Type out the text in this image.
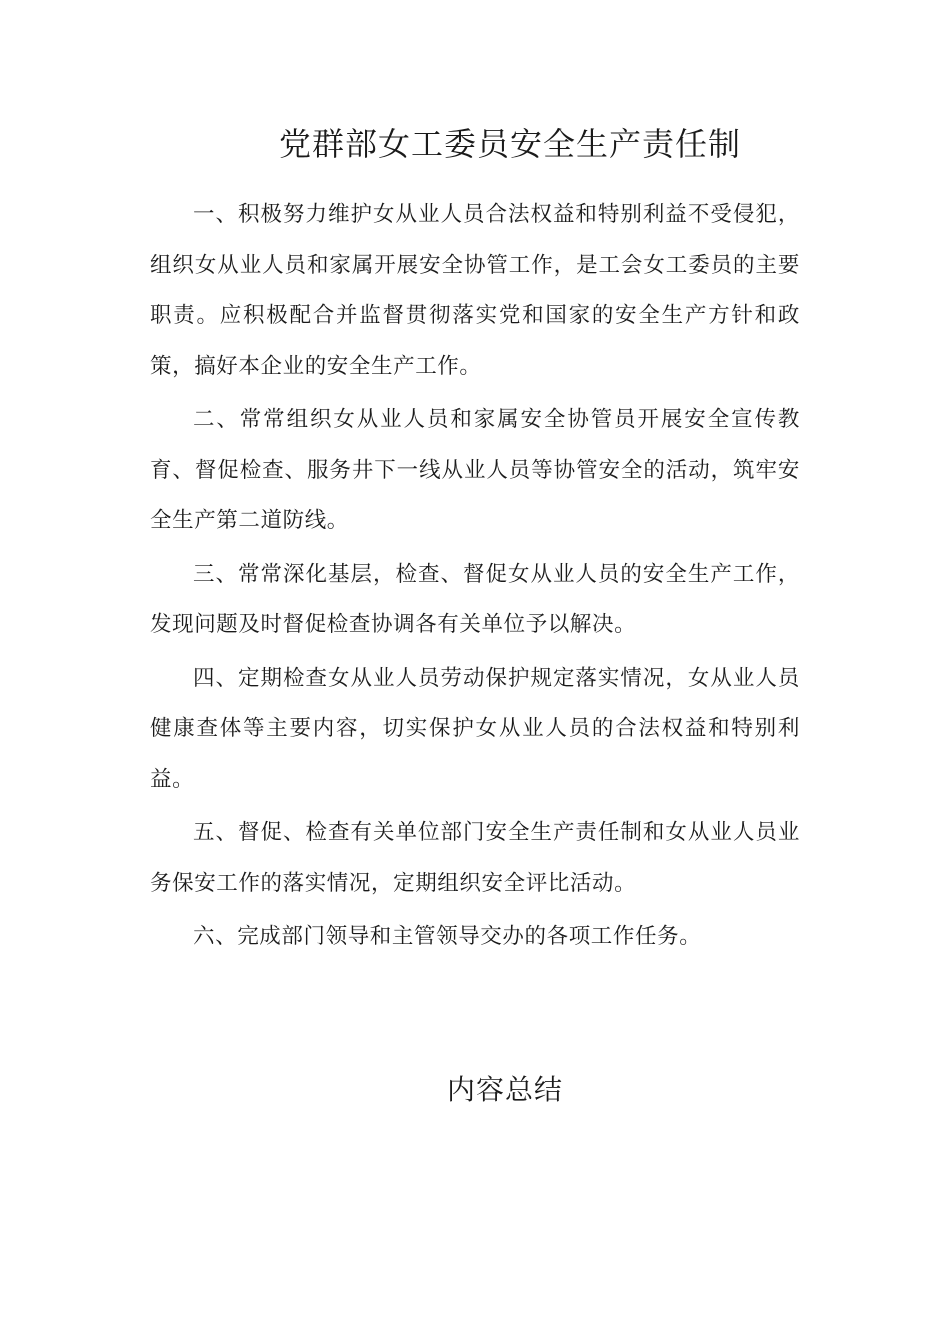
党群部女工委员安全生产责任制

一、积极努力维护女从业人员合法权益和特别利益不受侵犯，组织女从业人员和家属开展安全协管工作，是工会女工委员的主要职责。应积极配合并监督贯彻落实党和国家的安全生产方针和政策，搞好本企业的安全生产工作。

二、常常组织女从业人员和家属安全协管员开展安全宣传教育、督促检查、服务井下一线从业人员等协管安全的活动，筑牢安全生产第二道防线。

三、常常深化基层，检查、督促女从业人员的安全生产工作，发现问题及时督促检查协调各有关单位予以解决。

四、定期检查女从业人员劳动保护规定落实情况，女从业人员健康查体等主要内容，切实保护女从业人员的合法权益和特别利益。

五、督促、检查有关单位部门安全生产责任制和女从业人员业务保安工作的落实情况，定期组织安全评比活动。

六、完成部门领导和主管领导交办的各项工作任务。

内容总结
